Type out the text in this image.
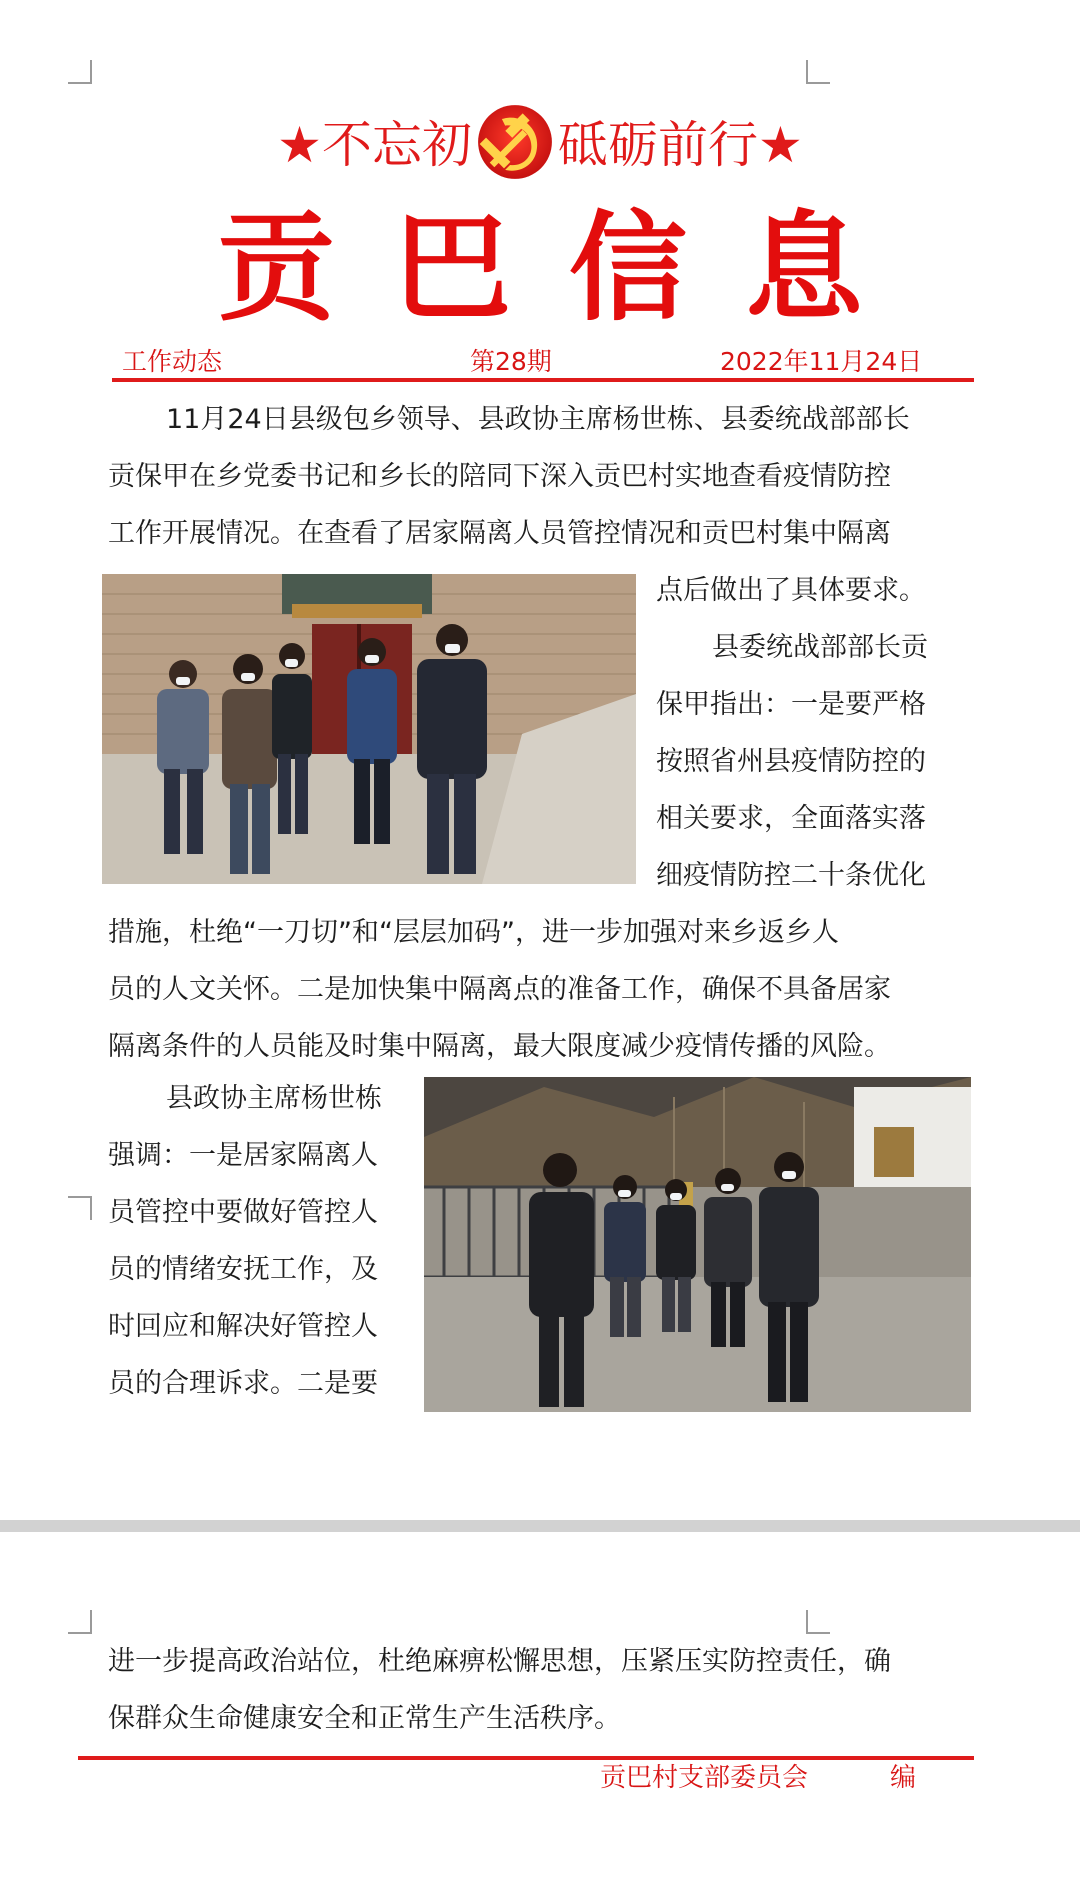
★不忘初 砥砺前行★
贡巴信息
工作动态	第28期	2022年11月24日
11月24日县级包乡领导、县政协主席杨世栋、县委统战部部长
贡保甲在乡党委书记和乡长的陪同下深入贡巴村实地查看疫情防控
工作开展情况。在查看了居家隔离人员管控情况和贡巴村集中隔离
点后做出了具体要求。
县委统战部部长贡
保甲指出：一是要严格
按照省州县疫情防控的
相关要求，全面落实落
细疫情防控二十条优化
措施，杜绝“一刀切”和“层层加码”，进一步加强对来乡返乡人
员的人文关怀。二是加快集中隔离点的准备工作，确保不具备居家
隔离条件的人员能及时集中隔离，最大限度减少疫情传播的风险。
县政协主席杨世栋
强调：一是居家隔离人
员管控中要做好管控人
员的情绪安抚工作，及
时回应和解决好管控人
员的合理诉求。二是要
进一步提高政治站位，杜绝麻痹松懈思想，压紧压实防控责任，确
保群众生命健康安全和正常生产生活秩序。
贡巴村支部委员会	编
